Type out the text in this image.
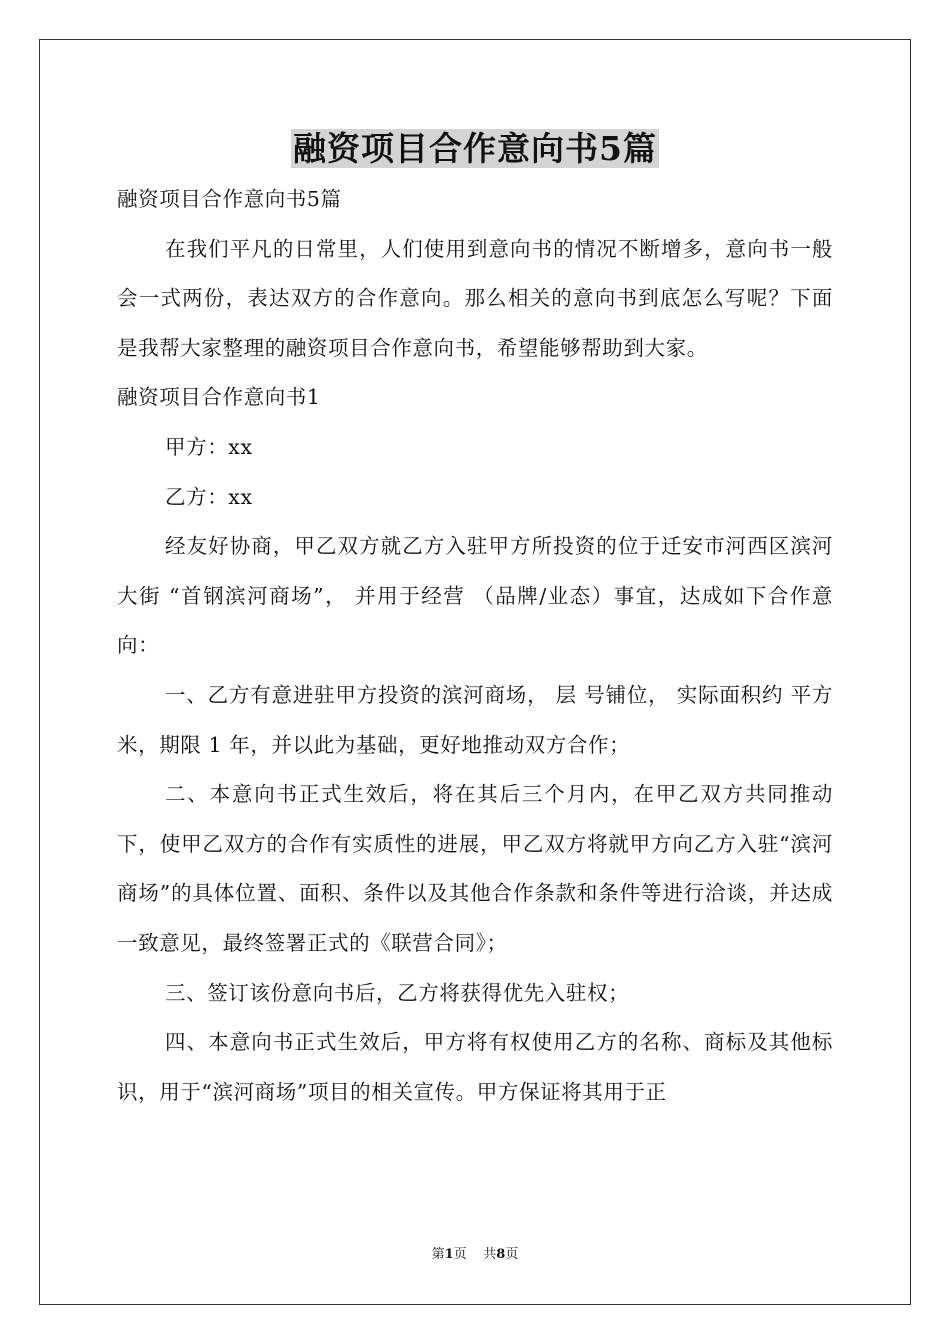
融资项目合作意向书5篇

融资项目合作意向书5篇

在我们平凡的日常里，人们使用到意向书的情况不断增多，意向书一般会一式两份，表达双方的合作意向。那么相关的意向书到底怎么写呢？下面是我帮大家整理的融资项目合作意向书，希望能够帮助到大家。

融资项目合作意向书1

甲方：xx

乙方：xx

经友好协商，甲乙双方就乙方入驻甲方所投资的位于迁安市河西区滨河大街 “首钢滨河商场”， 并用于经营 （品牌/业态）事宜，达成如下合作意向：

一、乙方有意进驻甲方投资的滨河商场， 层 号铺位， 实际面积约 平方米，期限 1 年，并以此为基础，更好地推动双方合作；

二、本意向书正式生效后，将在其后三个月内，在甲乙双方共同推动下，使甲乙双方的合作有实质性的进展，甲乙双方将就甲方向乙方入驻“滨河商场”的具体位置、面积、条件以及其他合作条款和条件等进行洽谈，并达成一致意见，最终签署正式的《联营合同》；

三、签订该份意向书后，乙方将获得优先入驻权；

四、本意向书正式生效后，甲方将有权使用乙方的名称、商标及其他标识，用于“滨河商场”项目的相关宣传。甲方保证将其用于正

第1页 共8页
